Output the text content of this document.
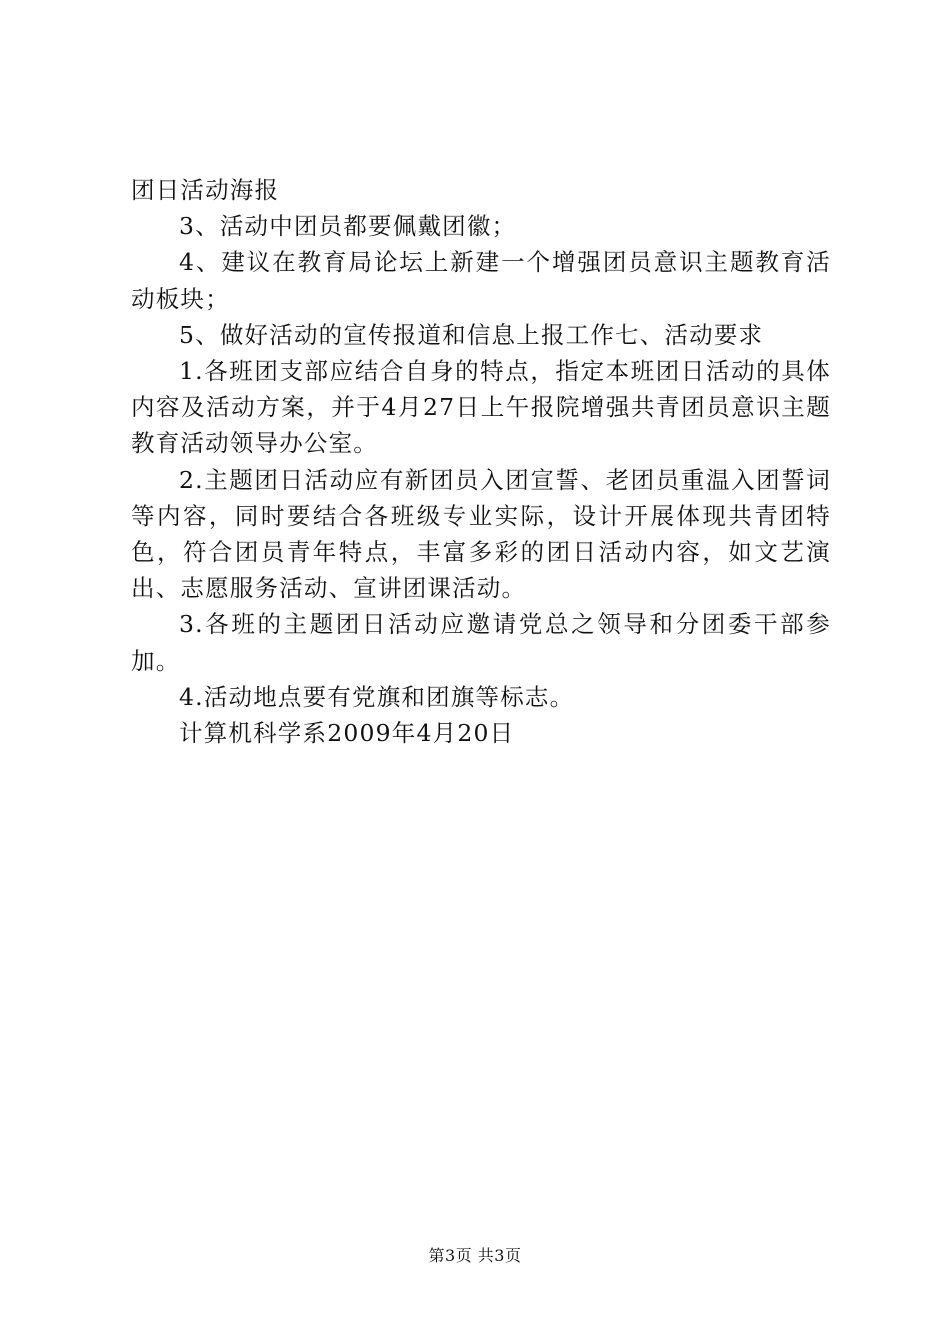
团日活动海报

3、活动中团员都要佩戴团徽；

4、建议在教育局论坛上新建一个增强团员意识主题教育活动板块；

5、做好活动的宣传报道和信息上报工作七、活动要求

1.各班团支部应结合自身的特点，指定本班团日活动的具体内容及活动方案，并于4月27日上午报院增强共青团员意识主题教育活动领导办公室。

2.主题团日活动应有新团员入团宣誓、老团员重温入团誓词等内容，同时要结合各班级专业实际，设计开展体现共青团特色，符合团员青年特点，丰富多彩的团日活动内容，如文艺演出、志愿服务活动、宣讲团课活动。

3.各班的主题团日活动应邀请党总之领导和分团委干部参加。

4.活动地点要有党旗和团旗等标志。

计算机科学系2009年4月20日

第3页 共3页
